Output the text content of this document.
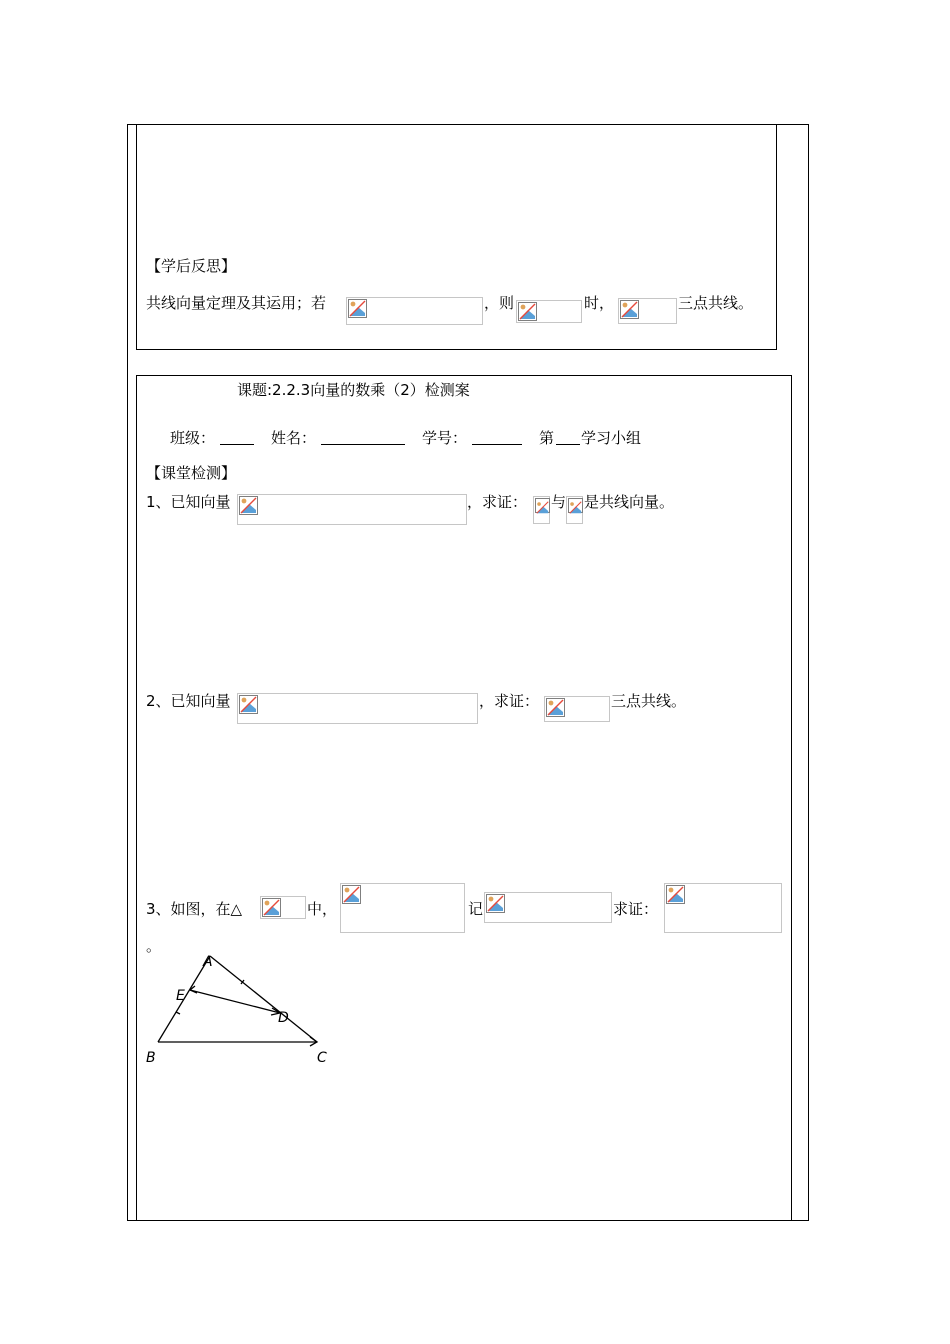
【学后反思】
共线向量定理及其运用；若	，则	时，	三点共线。
课题:2.2.3向量的数乘（2）检测案
班级：	姓名：	学号：	第 学习小组
【课堂检测】
1、已知向量	，求证： 与 是共线向量。
2、已知向量	，求证：	三点共线。
3、如图，在△	中，	记	求证：
。
A
E
D
B	C
